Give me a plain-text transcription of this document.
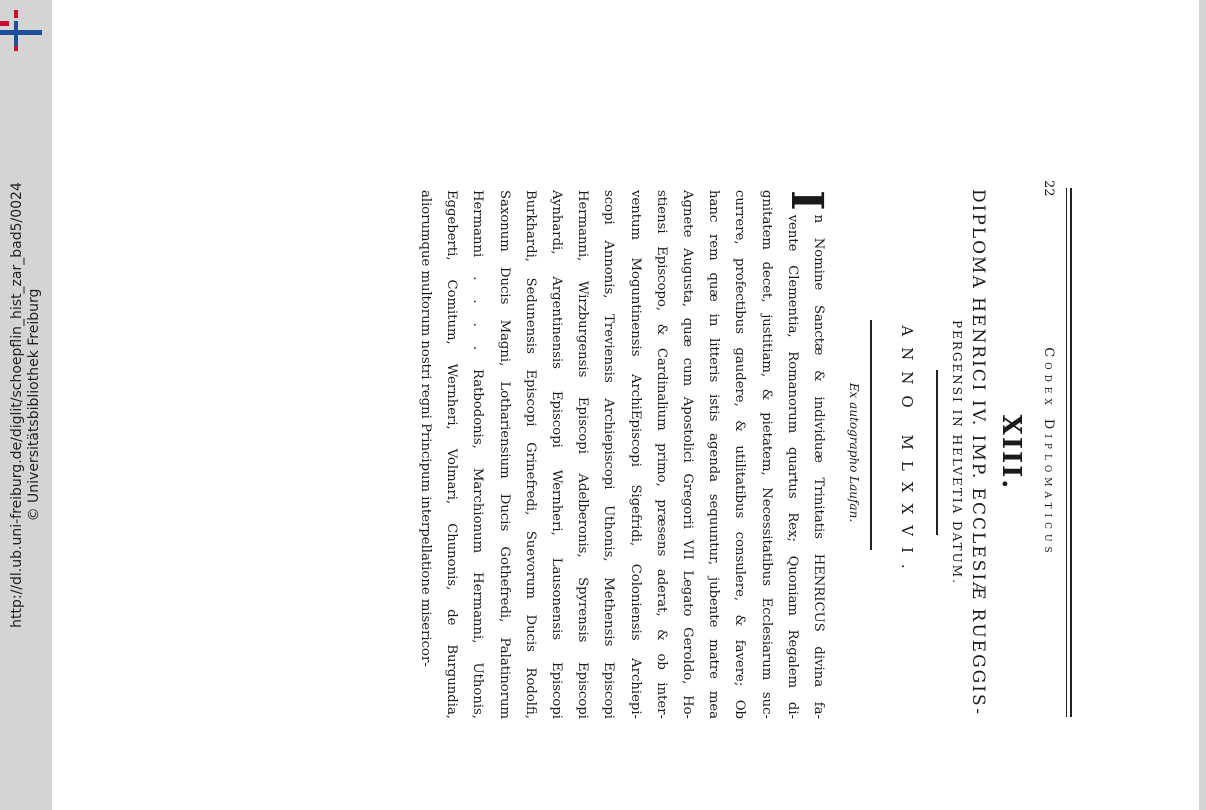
http://dl.ub.uni-freiburg.de/diglit/schoepflin_hist_zar_bad5/0024 © Universitätsbibliothek Freiburg
22
Codex Diplomaticus
XIII.
DIPLOMA HENRICI IV. IMP. ECCLESIÆ RUEGGIS-
PERGENSI IN HELVETIA DATUM.
ANNO MLXXVI.
Ex autographo Laufan.
I
n Nomine Sanctæ & individuæ Trinitatis HENRICUS divina fa-
vente Clementia, Romanorum quartus Rex; Quoniam Regalem di-
gnitatem decet, justitiam, & pietatem, Necessitatibus Ecclesiarum suc-
currere, profectibus gaudere, & utilitatibus consulere, & favere; Ob
hanc rem quæ in litteris istis agenda sequuntur, jubente matre mea
Agnete Augusta, quæ cum Apostolici Gregorii VII Legato Geroldo, Ho-
stiensi Episcopo, & Cardinalium primo, præsens aderat, & ob inter-
ventum Moguntinensis ArchiEpiscopi Sigefridi, Coloniensis Archiepi-
scopi Annonis, Treviensis Archiepiscopi Uthonis, Methensis Episcopi
Hermanni, Wirzburgensis Episcopi Adelberonis, Spyrensis Episcopi
Aynhardi, Argentinensis Episcopi Wernheri, Lausonensis Episcopi
Burkhardi, Sedunensis Episcopi Grinefredi, Suevorum Ducis Rodolfi,
Saxonum Ducis Magni, Lothariensium Ducis Gothefredi, Palatinorum
Hermanni . . . . Ratbodonis, Marchionum Hermanni, Uthonis,
Eggeberti, Comitum, Wernheri, Volmari, Chunonis, de Burgundia,
aliorumque multorum nostri regni Principum interpellatione misericor-
